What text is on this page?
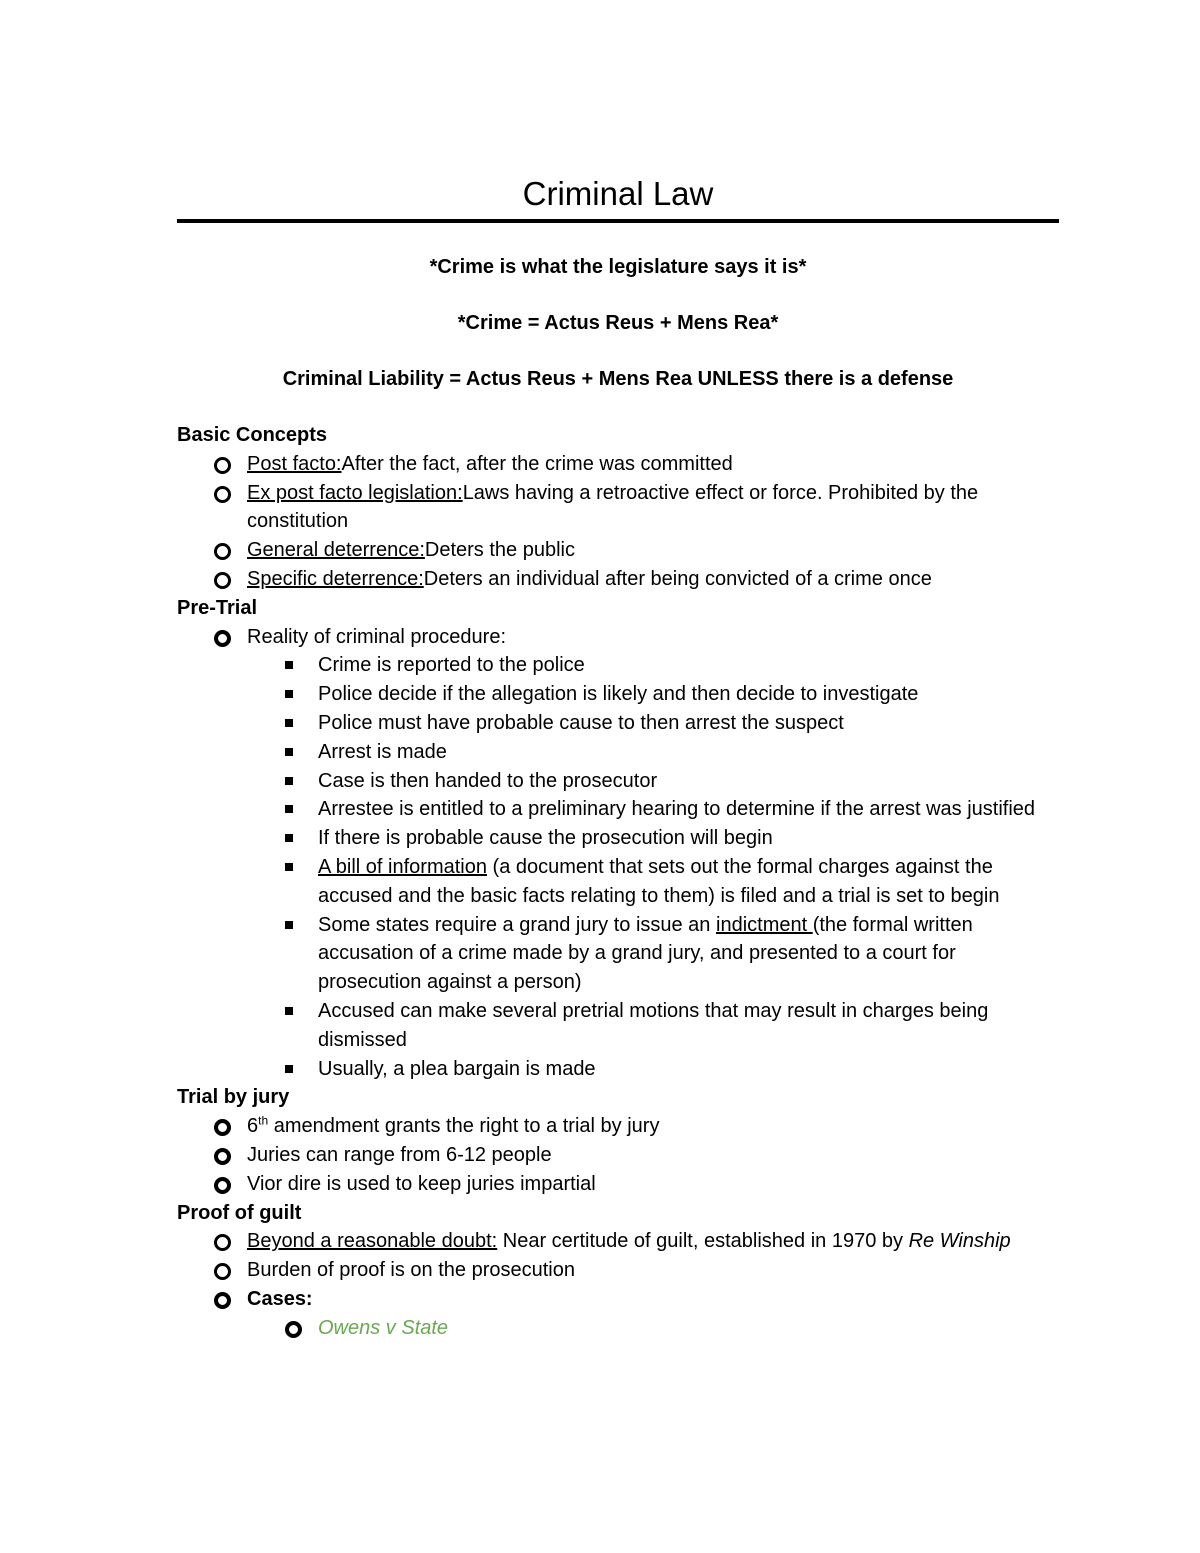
Criminal Law
*Crime is what the legislature says it is*
*Crime = Actus Reus + Mens Rea*
Criminal Liability = Actus Reus + Mens Rea UNLESS there is a defense
Basic Concepts
Post facto:After the fact, after the crime was committed
Ex post facto legislation:Laws having a retroactive effect or force. Prohibited by the constitution
General deterrence:Deters the public
Specific deterrence:Deters an individual after being convicted of a crime once
Pre-Trial
Reality of criminal procedure:
Crime is reported to the police
Police decide if the allegation is likely and then decide to investigate
Police must have probable cause to then arrest the suspect
Arrest is made
Case is then handed to the prosecutor
Arrestee is entitled to a preliminary hearing to determine if the arrest was justified
If there is probable cause the prosecution will begin
A bill of information (a document that sets out the formal charges against the accused and the basic facts relating to them) is filed and a trial is set to begin
Some states require a grand jury to issue an indictment (the formal written accusation of a crime made by a grand jury, and presented to a court for prosecution against a person)
Accused can make several pretrial motions that may result in charges being dismissed
Usually, a plea bargain is made
Trial by jury
6th amendment grants the right to a trial by jury
Juries can range from 6-12 people
Vior dire is used to keep juries impartial
Proof of guilt
Beyond a reasonable doubt: Near certitude of guilt, established in 1970 by Re Winship
Burden of proof is on the prosecution
Cases:
Owens v State
